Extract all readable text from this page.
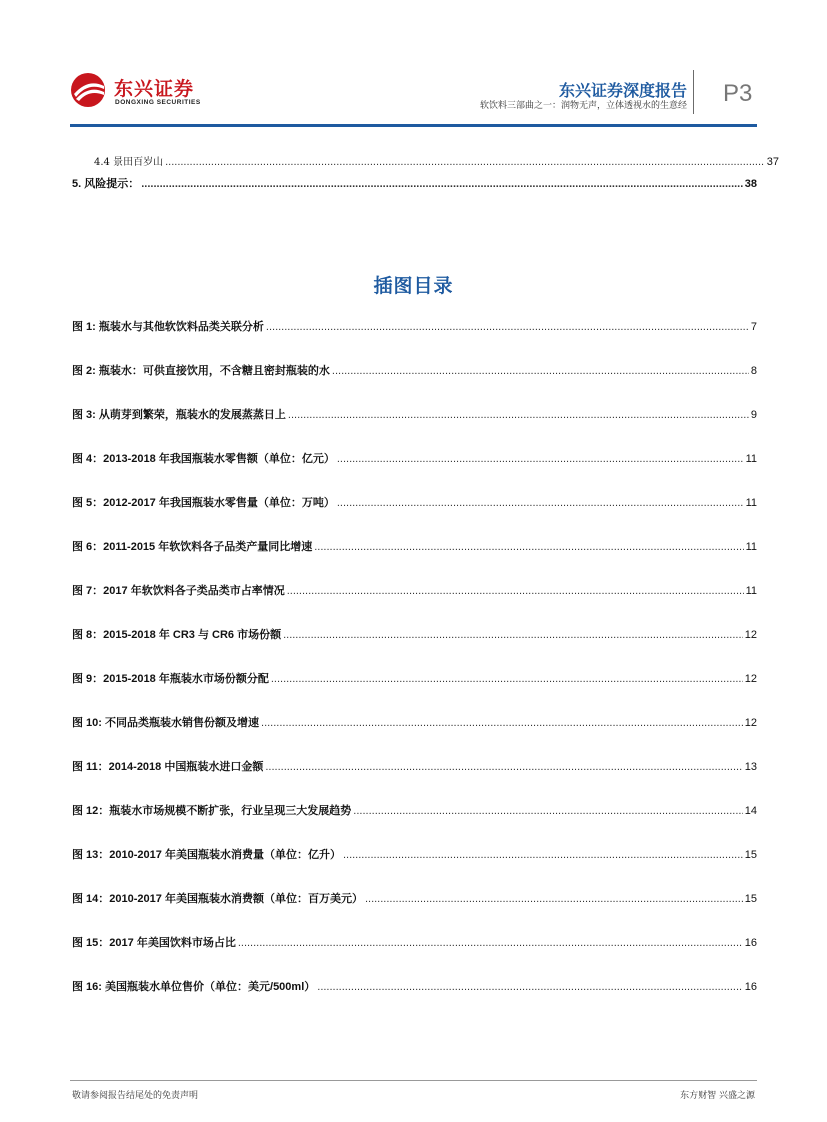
东兴证券
DONGXING SECURITIES
东兴证券深度报告
软饮料三部曲之一：润物无声，立体透视水的生意经 P3
4.4 景田百岁山 .....	37
5. 风险提示： .....	38
插图目录
图 1: 瓶装水与其他软饮料品类关联分析 .....	7
图 2: 瓶装水：可供直接饮用，不含糖且密封瓶装的水 .....	8
图 3: 从萌芽到繁荣，瓶装水的发展蒸蒸日上 .....	9
图 4：2013-2018 年我国瓶装水零售额（单位：亿元） .....	11
图 5：2012-2017 年我国瓶装水零售量（单位：万吨） .....	11
图 6：2011-2015 年软饮料各子品类产量同比增速 .....	11
图 7：2017 年软饮料各子类品类市占率情况 .....	11
图 8：2015-2018 年 CR3 与 CR6 市场份额 .....	12
图 9：2015-2018 年瓶装水市场份额分配 .....	12
图 10: 不同品类瓶装水销售份额及增速 .....	12
图 11：2014-2018 中国瓶装水进口金额 .....	13
图 12：瓶装水市场规模不断扩张，行业呈现三大发展趋势 .....	14
图 13：2010-2017 年美国瓶装水消费量（单位：亿升） .....	15
图 14：2010-2017 年美国瓶装水消费额（单位：百万美元） .....	15
图 15：2017 年美国饮料市场占比 .....	16
图 16: 美国瓶装水单位售价（单位：美元/500ml） .....	16
敬请参阅报告结尾处的免责声明	东方财智 兴盛之源
